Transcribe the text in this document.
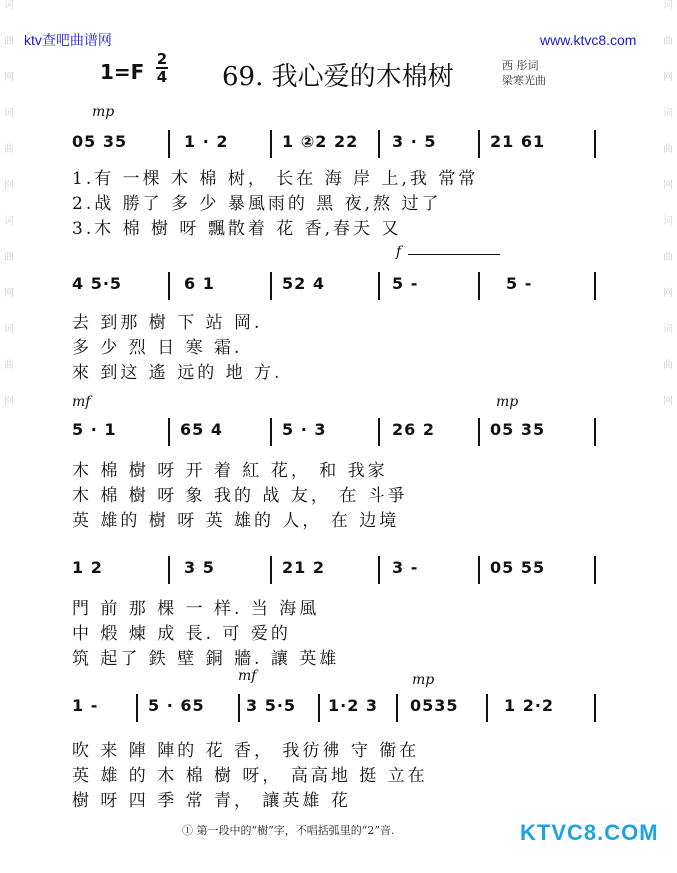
词
曲
网
词
曲
网
词
曲
网
词
曲
网
词
曲
网
词
曲
网
词
曲
网
词
曲
网
ktv查吧曲谱网	www.ktvc8.com
1=F
2
4 69. 我心爱的木棉树	西 彤词
梁寒光曲
mp
05 35	1 · 2	1 ②2 22 3 · 5	21 61
1.有 一棵 木 棉 树， 长在 海 岸 上,我 常常
2.战 勝了 多 少 暴風雨的 黑 夜,熬 过了
3.木 棉 樹 呀 飄散着 花 香,春天 又
f
4 5·5	6 1	52 4	5 -	5 -
去 到那 樹 下 站 岡.
多 少 烈 日 寒 霜.
來 到这 遙 远的 地 方.
mf	mp
5 · 1	65 4	5 · 3	26 2	05 35
木 棉 樹 呀 开 着 紅 花， 和 我家
木 棉 樹 呀 象 我的 战 友， 在 斗爭
英 雄的 樹 呀 英 雄的 人， 在 边境
1 2	3 5	21 2	3 -	05 55
門 前 那 棵 一 样. 当 海風
中 煅 煉 成 長. 可 爱的
筑 起了 鉄 壁 銅 牆. 讓 英雄
mf	mp
1 -	5 · 65	3 5·5 1·2 3 0535	1 2·2
吹 来 陣 陣的 花 香， 我彷彿 守 衞在
英 雄 的 木 棉 樹 呀， 高高地 挺 立在
樹 呀 四 季 常 青， 讓英雄 花
① 第一段中的“樹”字，不唱括弧里的“2”音.	KTVC8.COM
